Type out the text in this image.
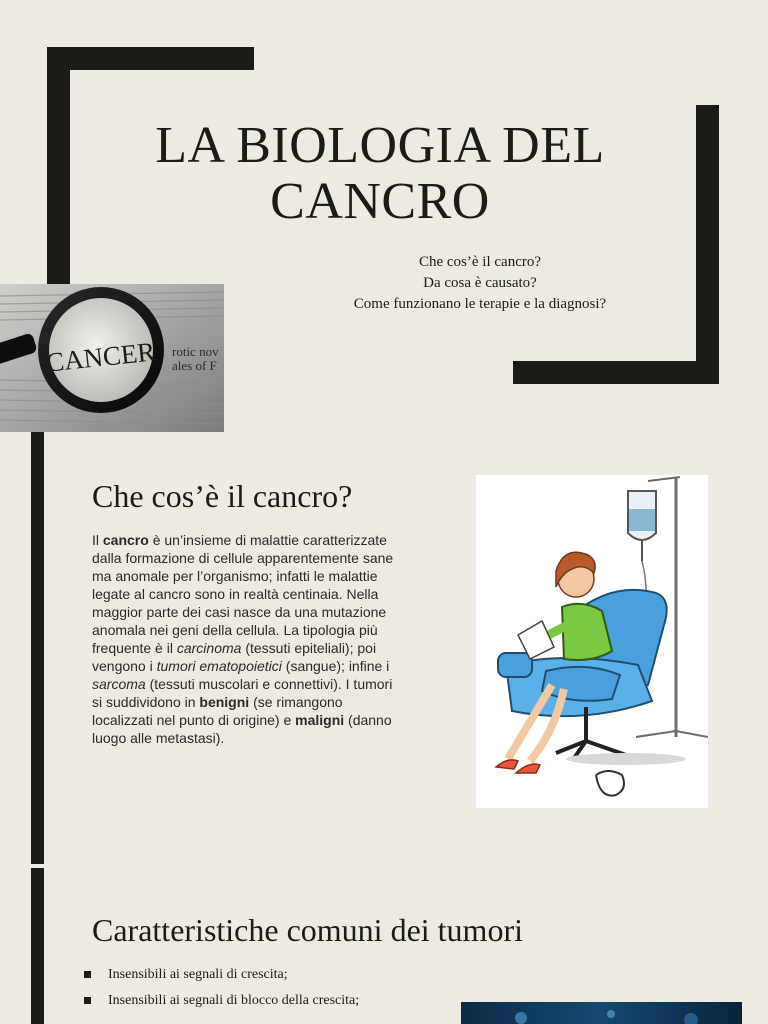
LA BIOLOGIA DEL
CANCRO
Che cos’è il cancro?
Da cosa è causato?
Come funzionano le terapie e la diagnosi?
rotic nov
ales of F
CANCER
Che cos’è il cancro?
Il cancro è un’insieme di malattie caratterizzate dalla formazione di cellule apparentemente sane ma anomale per l’organismo; infatti le malattie legate al cancro sono in realtà centinaia. Nella maggior parte dei casi nasce da una mutazione anomala nei geni della cellula. La tipologia più frequente è il carcinoma (tessuti epiteliali); poi vengono i tumori ematopoietici (sangue); infine i sarcoma (tessuti muscolari e connettivi). I tumori si suddividono in benigni (se rimangono localizzati nel punto di origine) e maligni (danno luogo alle metastasi).
Caratteristiche comuni dei tumori
Insensibili ai segnali di crescita;
Insensibili ai segnali di blocco della crescita;
